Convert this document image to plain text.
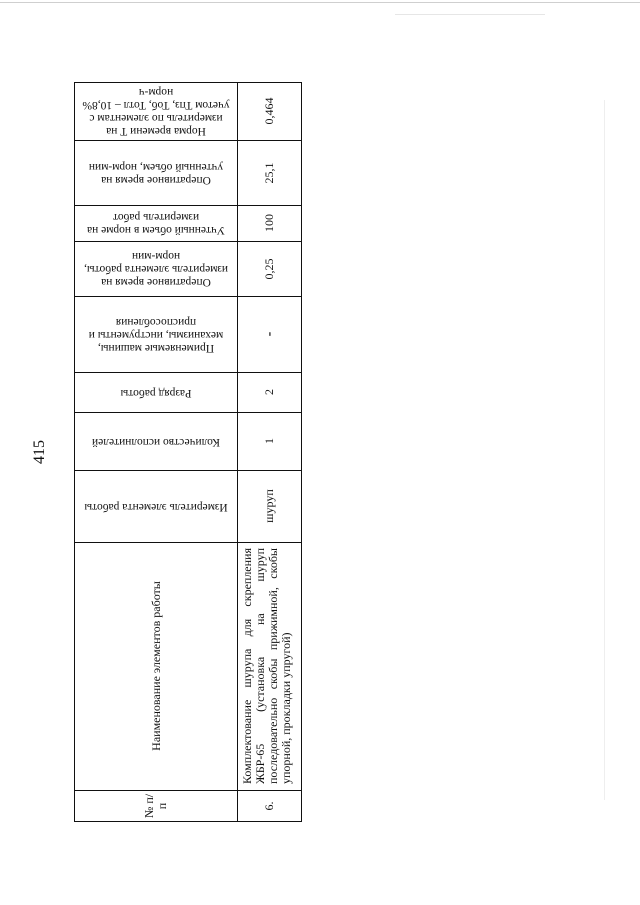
415
Норма времени Т на измеритель по элементам с учетом Тпз, Тоб, Тотл – 10,8% норм-ч
Оперативное время на учтенный объем, норм-мин
Учтенный объем в норме на измеритель работ
Оперативное время на измеритель элемента работы, норм-мин
Применяемые машины, механизмы, инструменты и приспособления
Разряд работы
Количество исполнителей
Измеритель элемента работы
Наименование элементов работы
№ п/п
0,464
25,1
100
0,25
-
2
1
шуруп
Комплектование шурупа для скрепления ЖБР-65 (установка на шуруп последовательно скобы прижимной, скобы упорной, прокладки упругой)
6.
